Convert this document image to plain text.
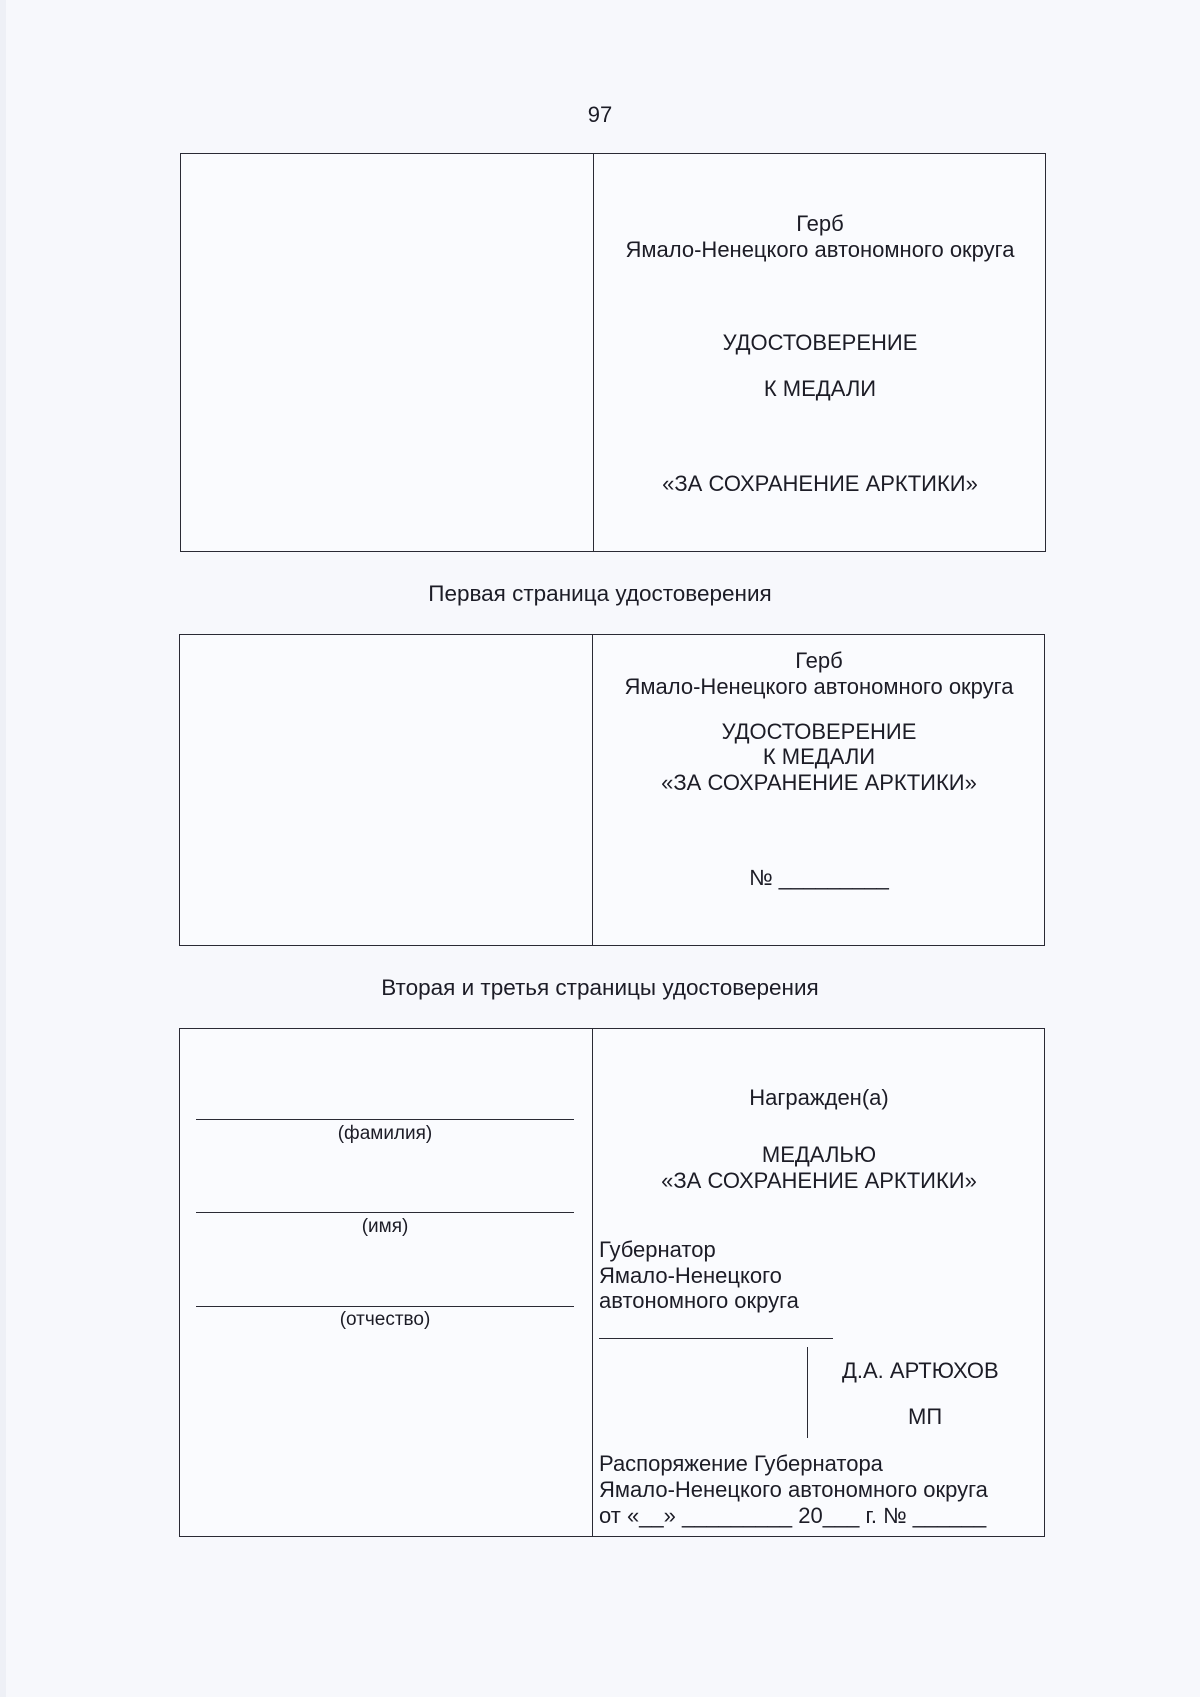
97
Герб
Ямало-Ненецкого автономного округа
УДОСТОВЕРЕНИЕ
К МЕДАЛИ
«ЗА СОХРАНЕНИЕ АРКТИКИ»
Первая страница удостоверения
Герб
Ямало-Ненецкого автономного округа
УДОСТОВЕРЕНИЕ
К МЕДАЛИ
«ЗА СОХРАНЕНИЕ АРКТИКИ»
№ _________
Вторая и третья страницы удостоверения
(фамилия)
(имя)
(отчество)
Награжден(а)
МЕДАЛЬЮ
«ЗА СОХРАНЕНИЕ АРКТИКИ»
Губернатор
Ямало-Ненецкого
автономного округа
Д.А. АРТЮХОВ
МП
Распоряжение Губернатора
Ямало-Ненецкого автономного округа
от «__» _________ 20___ г. № ______
